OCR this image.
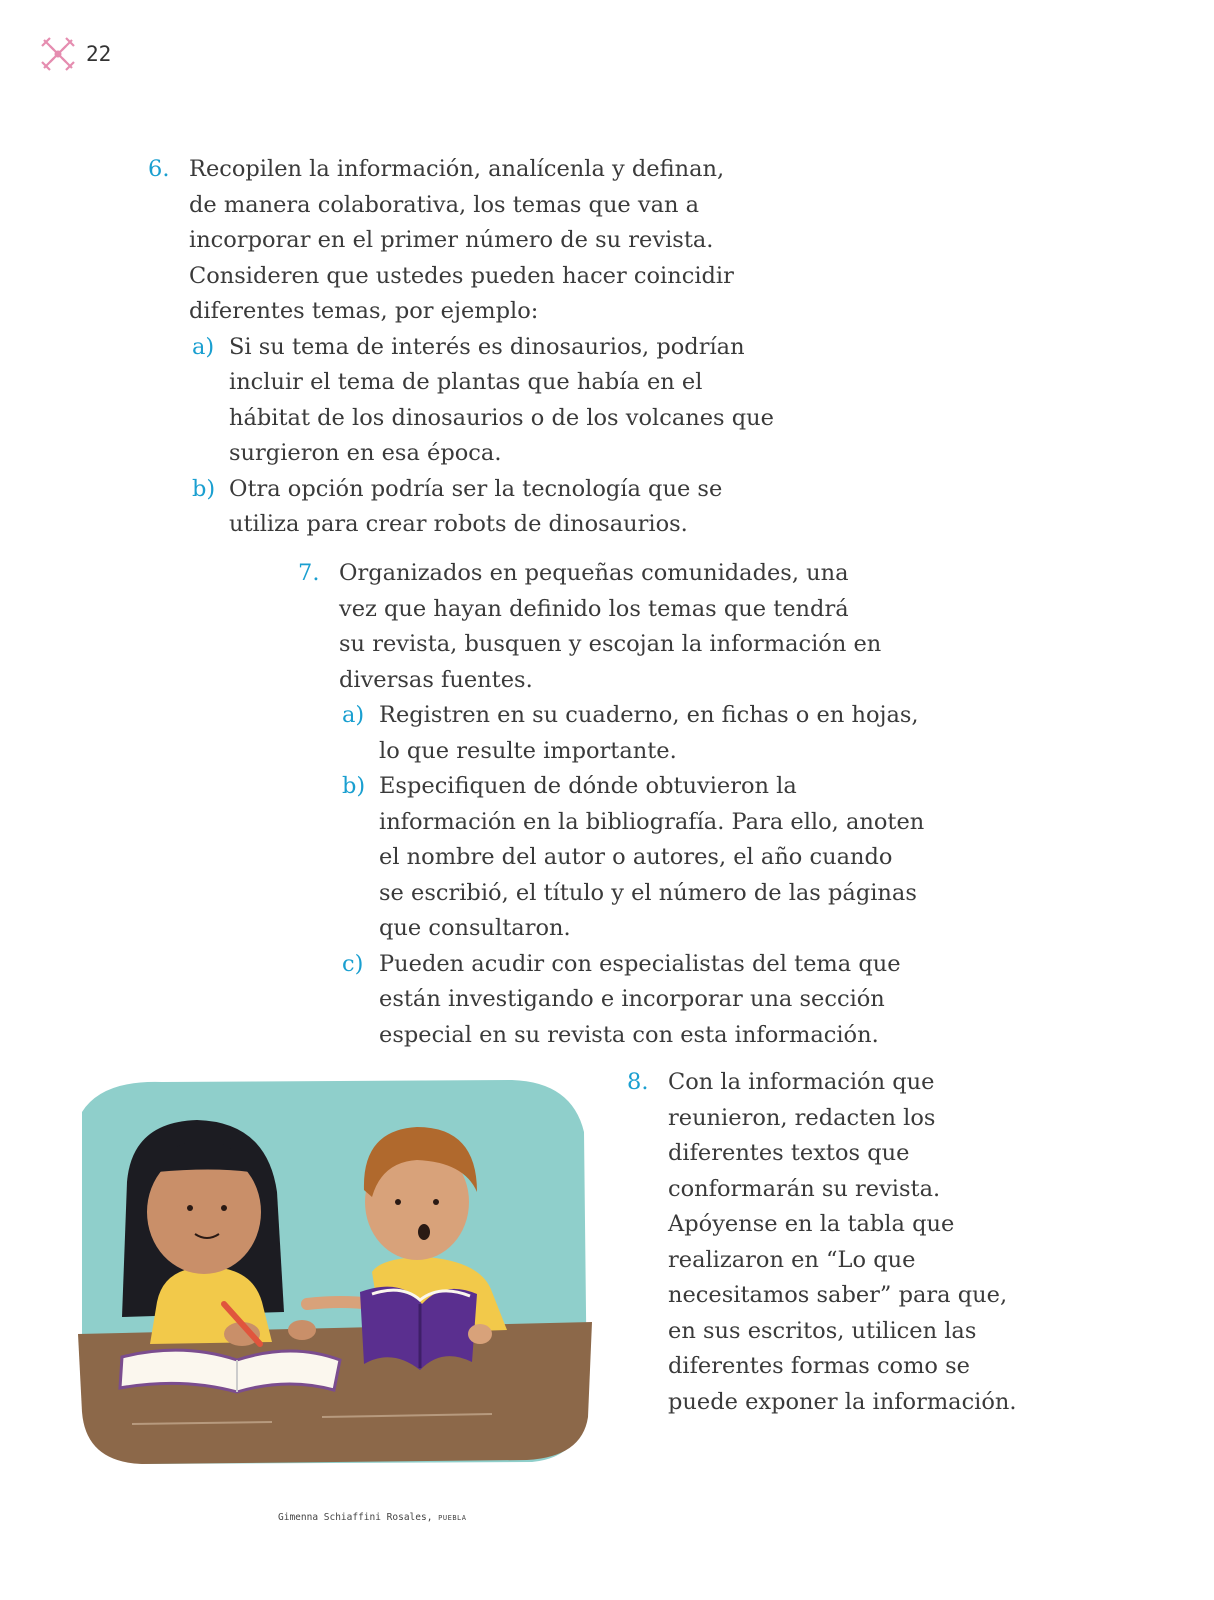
22
6. Recopilen la información, analícenla y definan,
de manera colaborativa, los temas que van a
incorporar en el primer número de su revista.
Consideren que ustedes pueden hacer coincidir
diferentes temas, por ejemplo:
a) Si su tema de interés es dinosaurios, podrían
incluir el tema de plantas que había en el
hábitat de los dinosaurios o de los volcanes que
surgieron en esa época.
b) Otra opción podría ser la tecnología que se
utiliza para crear robots de dinosaurios.
7. Organizados en pequeñas comunidades, una
vez que hayan definido los temas que tendrá
su revista, busquen y escojan la información en
diversas fuentes.
a) Registren en su cuaderno, en fichas o en hojas,
lo que resulte importante.
b) Especifiquen de dónde obtuvieron la
información en la bibliografía. Para ello, anoten
el nombre del autor o autores, el año cuando
se escribió, el título y el número de las páginas
que consultaron.
c) Pueden acudir con especialistas del tema que
están investigando e incorporar una sección
especial en su revista con esta información.
8. Con la información que
reunieron, redacten los
diferentes textos que
conformarán su revista.
Apóyense en la tabla que
realizaron en “Lo que
necesitamos saber” para que,
en sus escritos, utilicen las
diferentes formas como se
puede exponer la información.
Gimenna Schiaffini Rosales, PUEBLA
